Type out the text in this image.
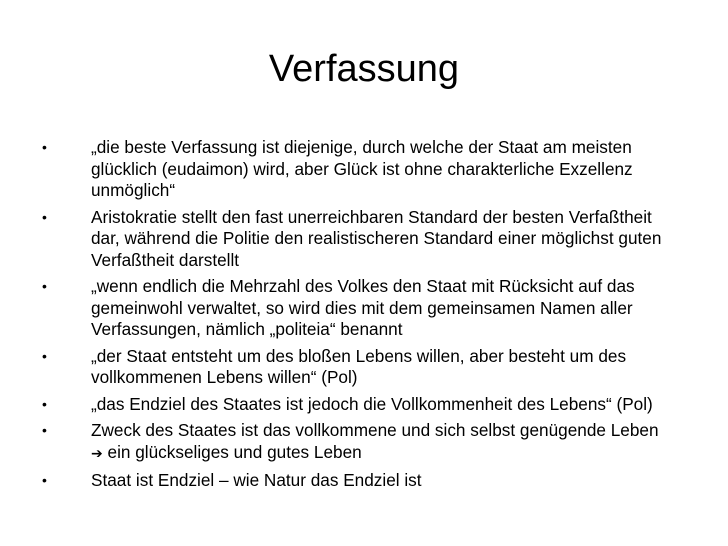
Verfassung
•	„die beste Verfassung ist diejenige, durch welche der Staat am meisten glücklich (eudaimon) wird, aber Glück ist ohne charakterliche Exzellenz unmöglich“
•	Aristokratie stellt den fast unerreichbaren Standard der besten Verfaßtheit dar, während die Politie den realistischeren Standard einer möglichst guten Verfaßtheit darstellt
•	„wenn endlich die Mehrzahl des Volkes den Staat mit Rücksicht auf das gemeinwohl verwaltet, so wird dies mit dem gemeinsamen Namen aller Verfassungen, nämlich „politeia“ benannt
•	„der Staat entsteht um des bloßen Lebens willen, aber besteht um des vollkommenen Lebens willen“ (Pol)
•	„das Endziel des Staates ist jedoch die Vollkommenheit des Lebens“ (Pol)
•	Zweck des Staates ist das vollkommene und sich selbst genügende Leben ➔ ein glückseliges und gutes Leben
•	Staat ist Endziel – wie Natur das Endziel ist
